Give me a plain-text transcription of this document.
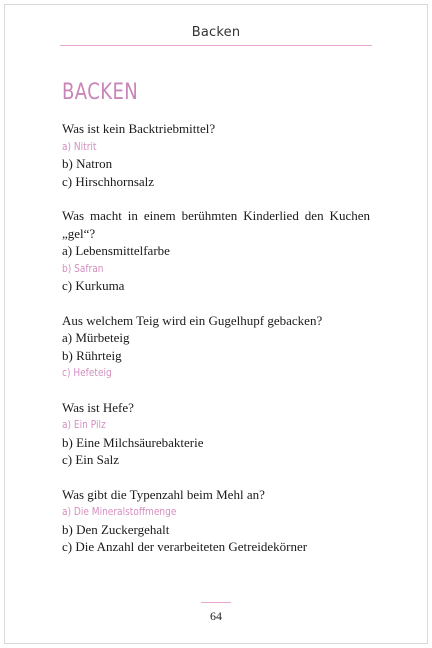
Backen
BACKEN
Was ist kein Backtriebmittel?
a) Nitrit
b) Natron
c) Hirschhornsalz
Was macht in einem berühmten Kinderlied den Kuchen „gel“?
a) Lebensmittelfarbe
b) Safran
c) Kurkuma
Aus welchem Teig wird ein Gugelhupf gebacken?
a) Mürbeteig
b) Rührteig
c) Hefeteig
Was ist Hefe?
a) Ein Pilz
b) Eine Milchsäurebakterie
c) Ein Salz
Was gibt die Typenzahl beim Mehl an?
a) Die Mineralstoffmenge
b) Den Zuckergehalt
c) Die Anzahl der verarbeiteten Getreidekörner
64
